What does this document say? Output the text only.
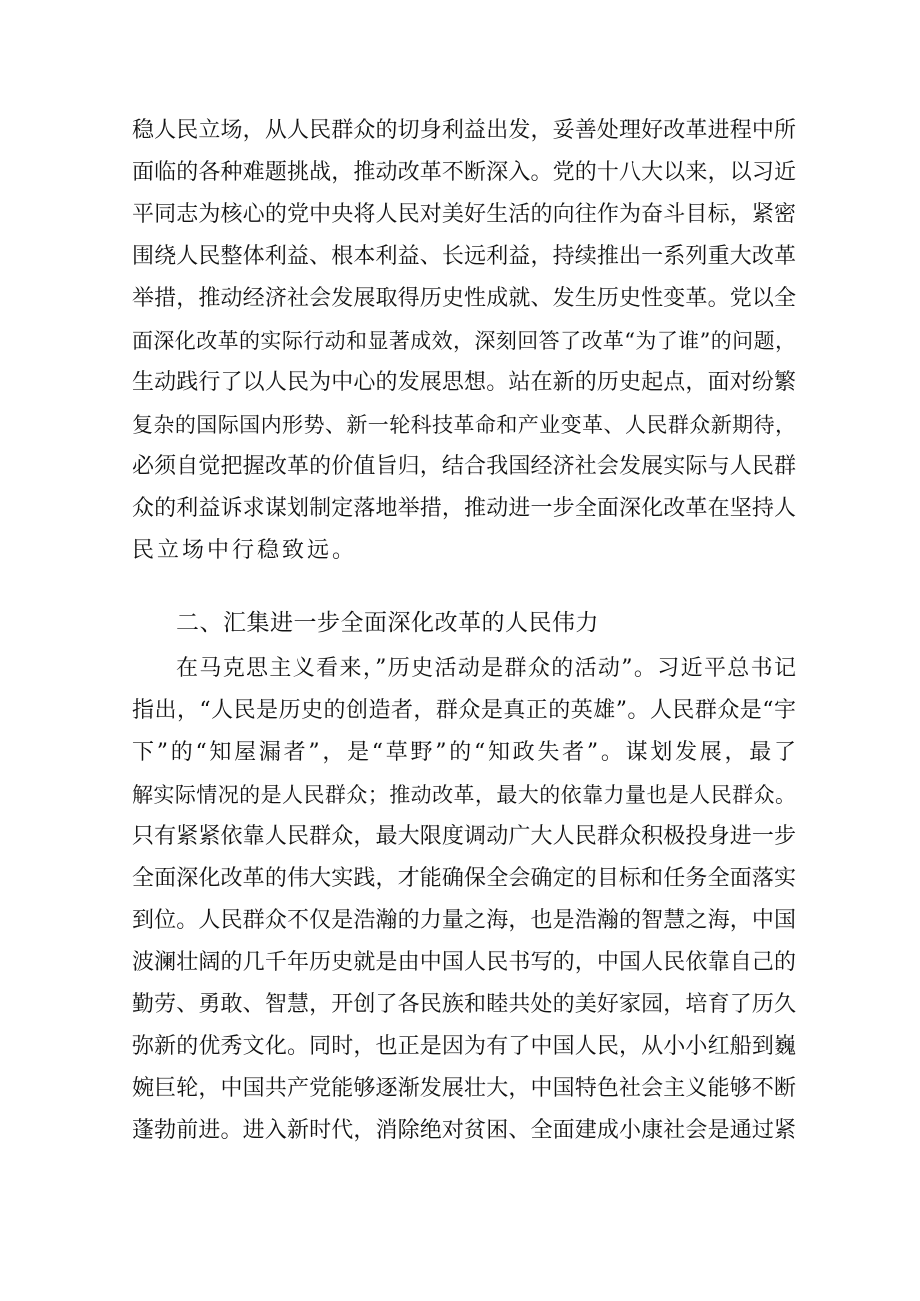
稳人民立场，从人民群众的切身利益出发，妥善处理好改革进程中所
面临的各种难题挑战，推动改革不断深入。党的十八大以来，以习近
平同志为核心的党中央将人民对美好生活的向往作为奋斗目标，紧密
围绕人民整体利益、根本利益、长远利益，持续推出一系列重大改革
举措，推动经济社会发展取得历史性成就、发生历史性变革。党以全
面深化改革的实际行动和显著成效，深刻回答了改革“为了谁”的问题，
生动践行了以人民为中心的发展思想。站在新的历史起点，面对纷繁
复杂的国际国内形势、新一轮科技革命和产业变革、人民群众新期待，
必须自觉把握改革的价值旨归，结合我国经济社会发展实际与人民群
众的利益诉求谋划制定落地举措，推动进一步全面深化改革在坚持人
民立场中行稳致远。
二、汇集进一步全面深化改革的人民伟力
在马克思主义看来，”历史活动是群众的活动”。习近平总书记
指出，“人民是历史的创造者，群众是真正的英雄”。人民群众是“宇
下”的“知屋漏者”，是“草野”的“知政失者”。谋划发展，最了
解实际情况的是人民群众；推动改革，最大的依靠力量也是人民群众。
只有紧紧依靠人民群众，最大限度调动广大人民群众积极投身进一步
全面深化改革的伟大实践，才能确保全会确定的目标和任务全面落实
到位。人民群众不仅是浩瀚的力量之海，也是浩瀚的智慧之海，中国
波澜壮阔的几千年历史就是由中国人民书写的，中国人民依靠自己的
勤劳、勇敢、智慧，开创了各民族和睦共处的美好家园，培育了历久
弥新的优秀文化。同时，也正是因为有了中国人民，从小小红船到巍
婉巨轮，中国共产党能够逐渐发展壮大，中国特色社会主义能够不断
蓬勃前进。进入新时代，消除绝对贫困、全面建成小康社会是通过紧
